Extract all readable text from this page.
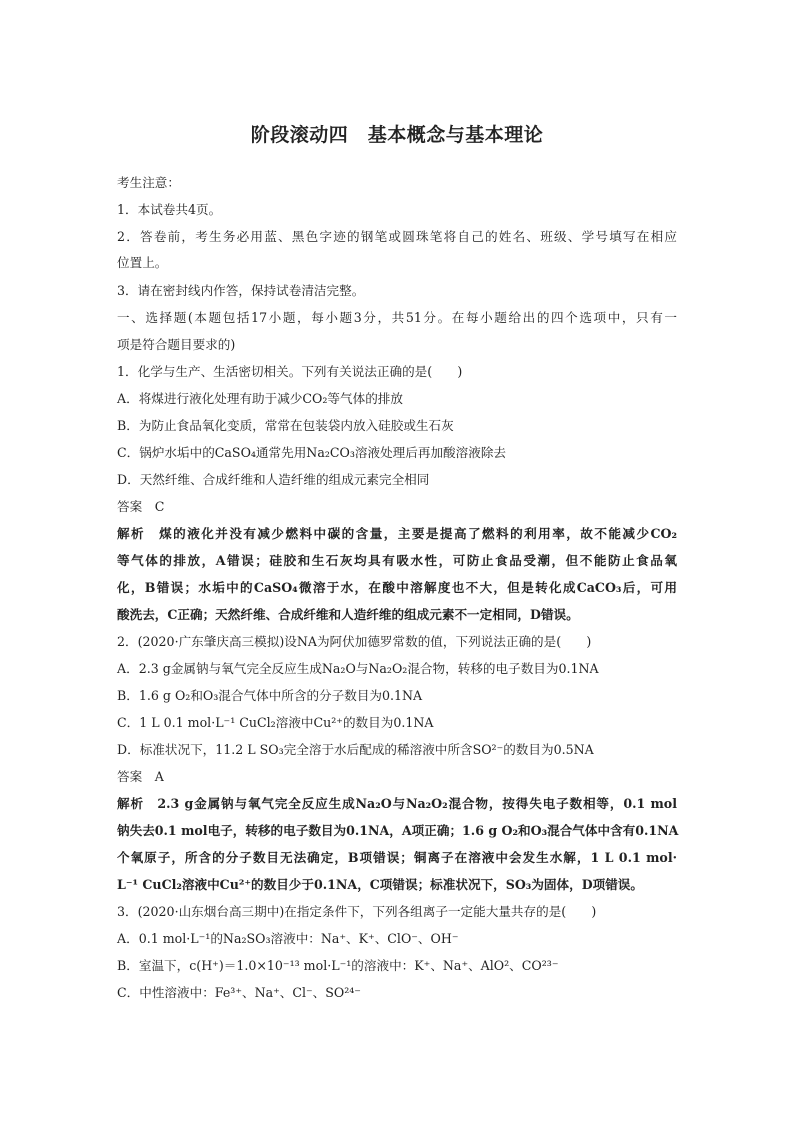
阶段滚动四　基本概念与基本理论
考生注意：
1．本试卷共4页。
2．答卷前，考生务必用蓝、黑色字迹的钢笔或圆珠笔将自己的姓名、班级、学号填写在相应
位置上。
3．请在密封线内作答，保持试卷清洁完整。
一、选择题(本题包括17小题，每小题3分，共51分。在每小题给出的四个选项中，只有一
项是符合题目要求的)
1．化学与生产、生活密切相关。下列有关说法正确的是(　　)
A．将煤进行液化处理有助于减少CO₂等气体的排放
B．为防止食品氧化变质，常常在包装袋内放入硅胶或生石灰
C．锅炉水垢中的CaSO₄通常先用Na₂CO₃溶液处理后再加酸溶液除去
D．天然纤维、合成纤维和人造纤维的组成元素完全相同
答案　C
解析　煤的液化并没有减少燃料中碳的含量，主要是提高了燃料的利用率，故不能减少CO₂
等气体的排放，A错误；硅胶和生石灰均具有吸水性，可防止食品受潮，但不能防止食品氧
化，B错误；水垢中的CaSO₄微溶于水，在酸中溶解度也不大，但是转化成CaCO₃后，可用
酸洗去，C正确；天然纤维、合成纤维和人造纤维的组成元素不一定相同，D错误。
2．(2020·广东肇庆高三模拟)设NA为阿伏加德罗常数的值，下列说法正确的是(　　)
A．2.3 g金属钠与氧气完全反应生成Na₂O与Na₂O₂混合物，转移的电子数目为0.1NA
B．1.6 g O₂和O₃混合气体中所含的分子数目为0.1NA
C．1 L 0.1 mol·L⁻¹ CuCl₂溶液中Cu²⁺的数目为0.1NA
D．标准状况下，11.2 L SO₃完全溶于水后配成的稀溶液中所含SO²⁻的数目为0.5NA
答案　A
解析　2.3 g金属钠与氧气完全反应生成Na₂O与Na₂O₂混合物，按得失电子数相等，0.1 mol
钠失去0.1 mol电子，转移的电子数目为0.1NA，A项正确；1.6 g O₂和O₃混合气体中含有0.1NA
个氧原子，所含的分子数目无法确定，B项错误；铜离子在溶液中会发生水解，1 L 0.1 mol·
L⁻¹ CuCl₂溶液中Cu²⁺的数目少于0.1NA，C项错误；标准状况下，SO₃为固体，D项错误。
3．(2020·山东烟台高三期中)在指定条件下，下列各组离子一定能大量共存的是(　　)
A．0.1 mol·L⁻¹的Na₂SO₃溶液中：Na⁺、K⁺、ClO⁻、OH⁻
B．室温下，c(H⁺)＝1.0×10⁻¹³ mol·L⁻¹的溶液中：K⁺、Na⁺、AlO²、CO²³⁻
C．中性溶液中：Fe³⁺、Na⁺、Cl⁻、SO²⁴⁻
